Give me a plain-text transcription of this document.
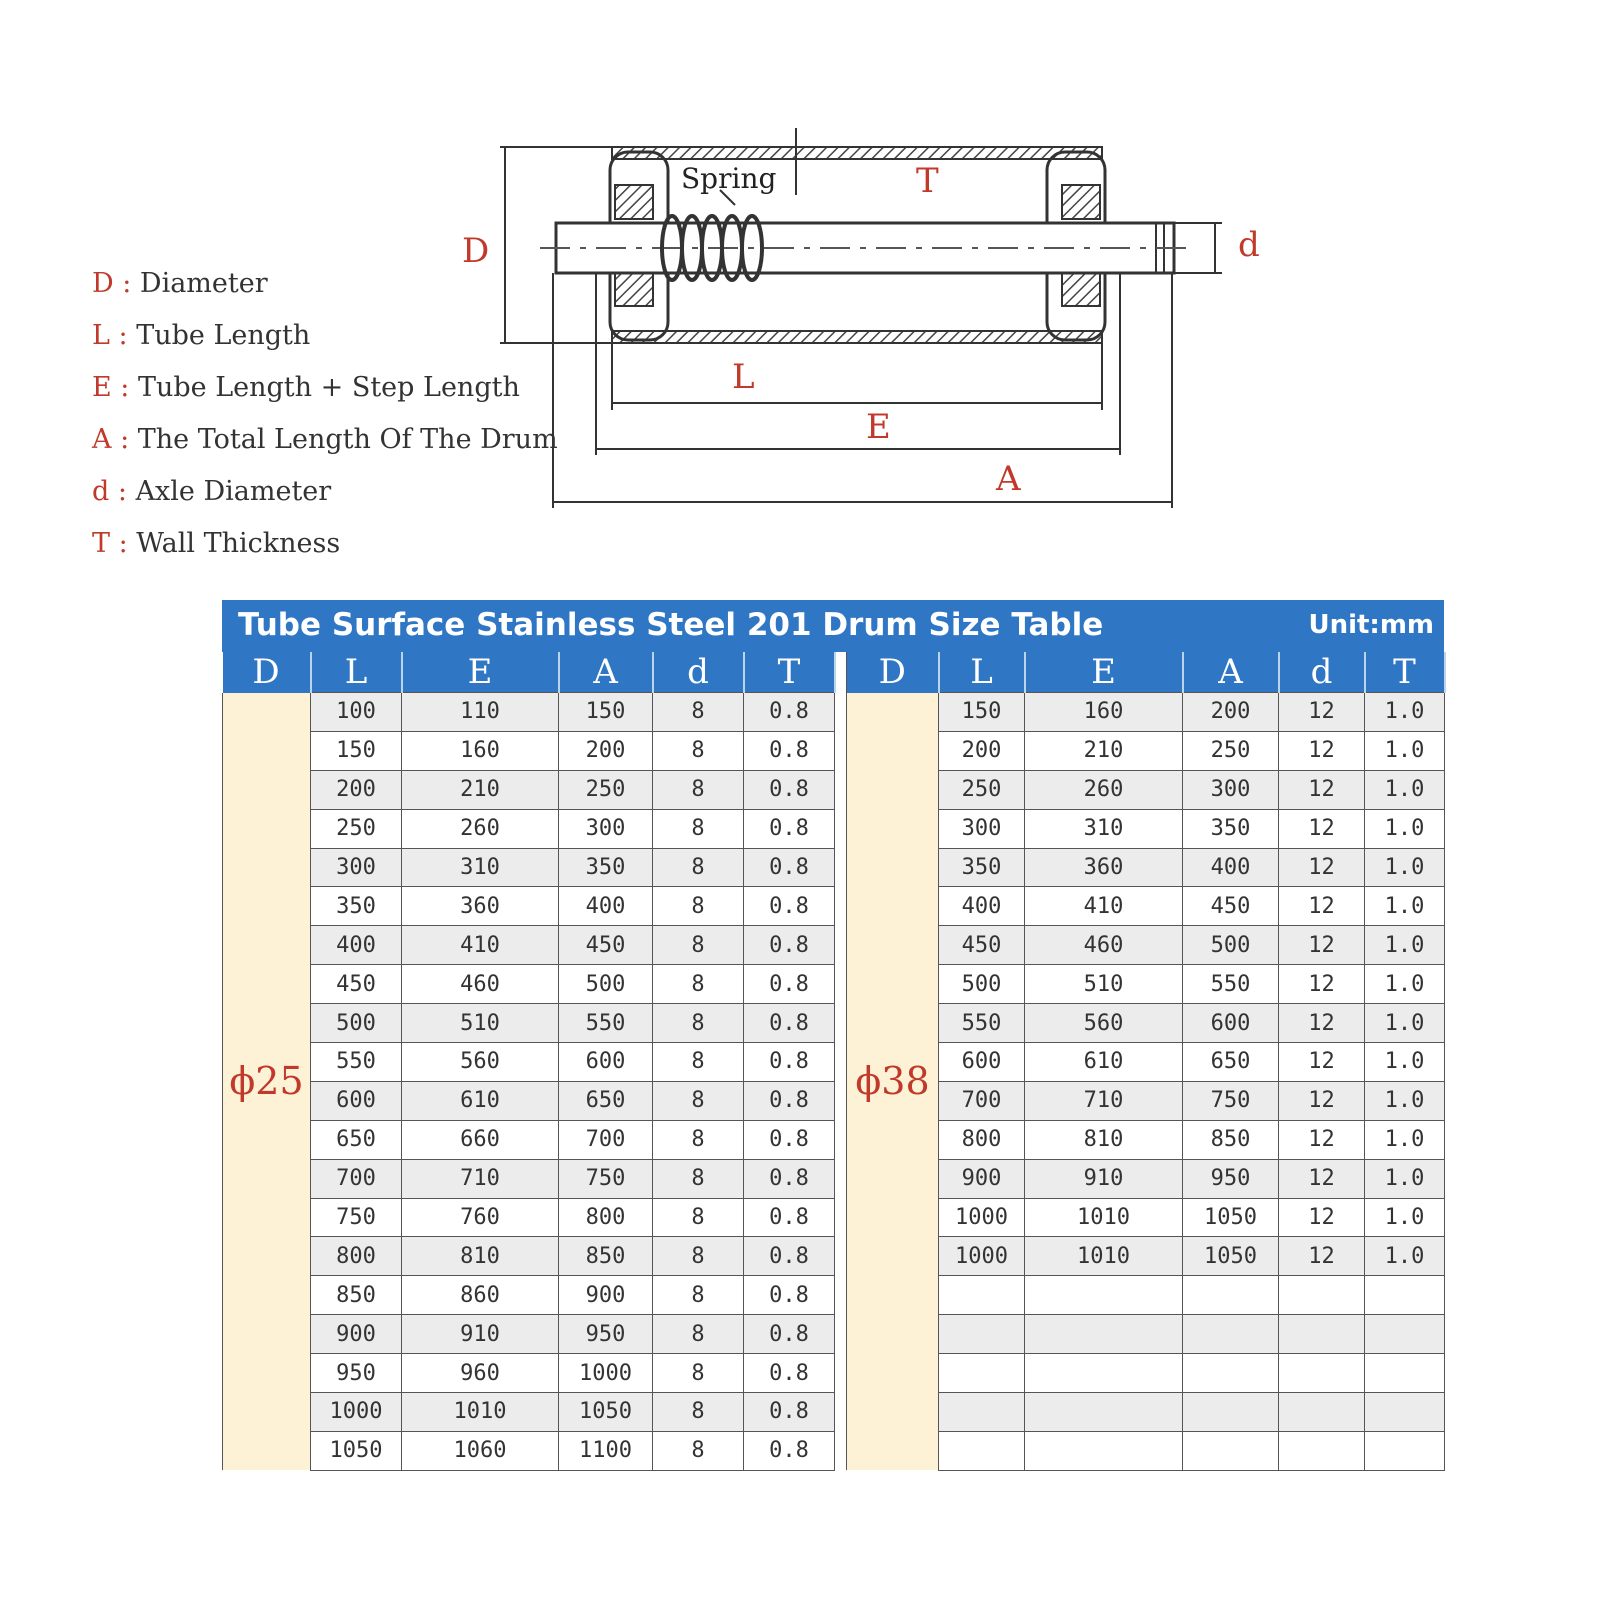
D
T
d
L
E
A
Spring
D : Diameter
L : Tube Length
E : Tube Length + Step Length
A : The Total Length Of The Drum
d : Axle Diameter
T : Wall Thickness
Tube Surface Stainless Steel 201 Drum Size Table	Unit:mm
D	L	E	A	d	T		D	L	E	A	d	T
ϕ25	100	110	150	8	0.8		ϕ38	150	160	200	12	1.0
	150	160	200	8	0.8			200	210	250	12	1.0
	200	210	250	8	0.8			250	260	300	12	1.0
	250	260	300	8	0.8			300	310	350	12	1.0
	300	310	350	8	0.8			350	360	400	12	1.0
	350	360	400	8	0.8			400	410	450	12	1.0
	400	410	450	8	0.8			450	460	500	12	1.0
	450	460	500	8	0.8			500	510	550	12	1.0
	500	510	550	8	0.8			550	560	600	12	1.0
	550	560	600	8	0.8			600	610	650	12	1.0
	600	610	650	8	0.8			700	710	750	12	1.0
	650	660	700	8	0.8			800	810	850	12	1.0
	700	710	750	8	0.8			900	910	950	12	1.0
	750	760	800	8	0.8			1000	1010	1050	12	1.0
	800	810	850	8	0.8			1000	1010	1050	12	1.0
	850	860	900	8	0.8							
	900	910	950	8	0.8							
	950	960	1000	8	0.8							
	1000	1010	1050	8	0.8							
	1050	1060	1100	8	0.8							
